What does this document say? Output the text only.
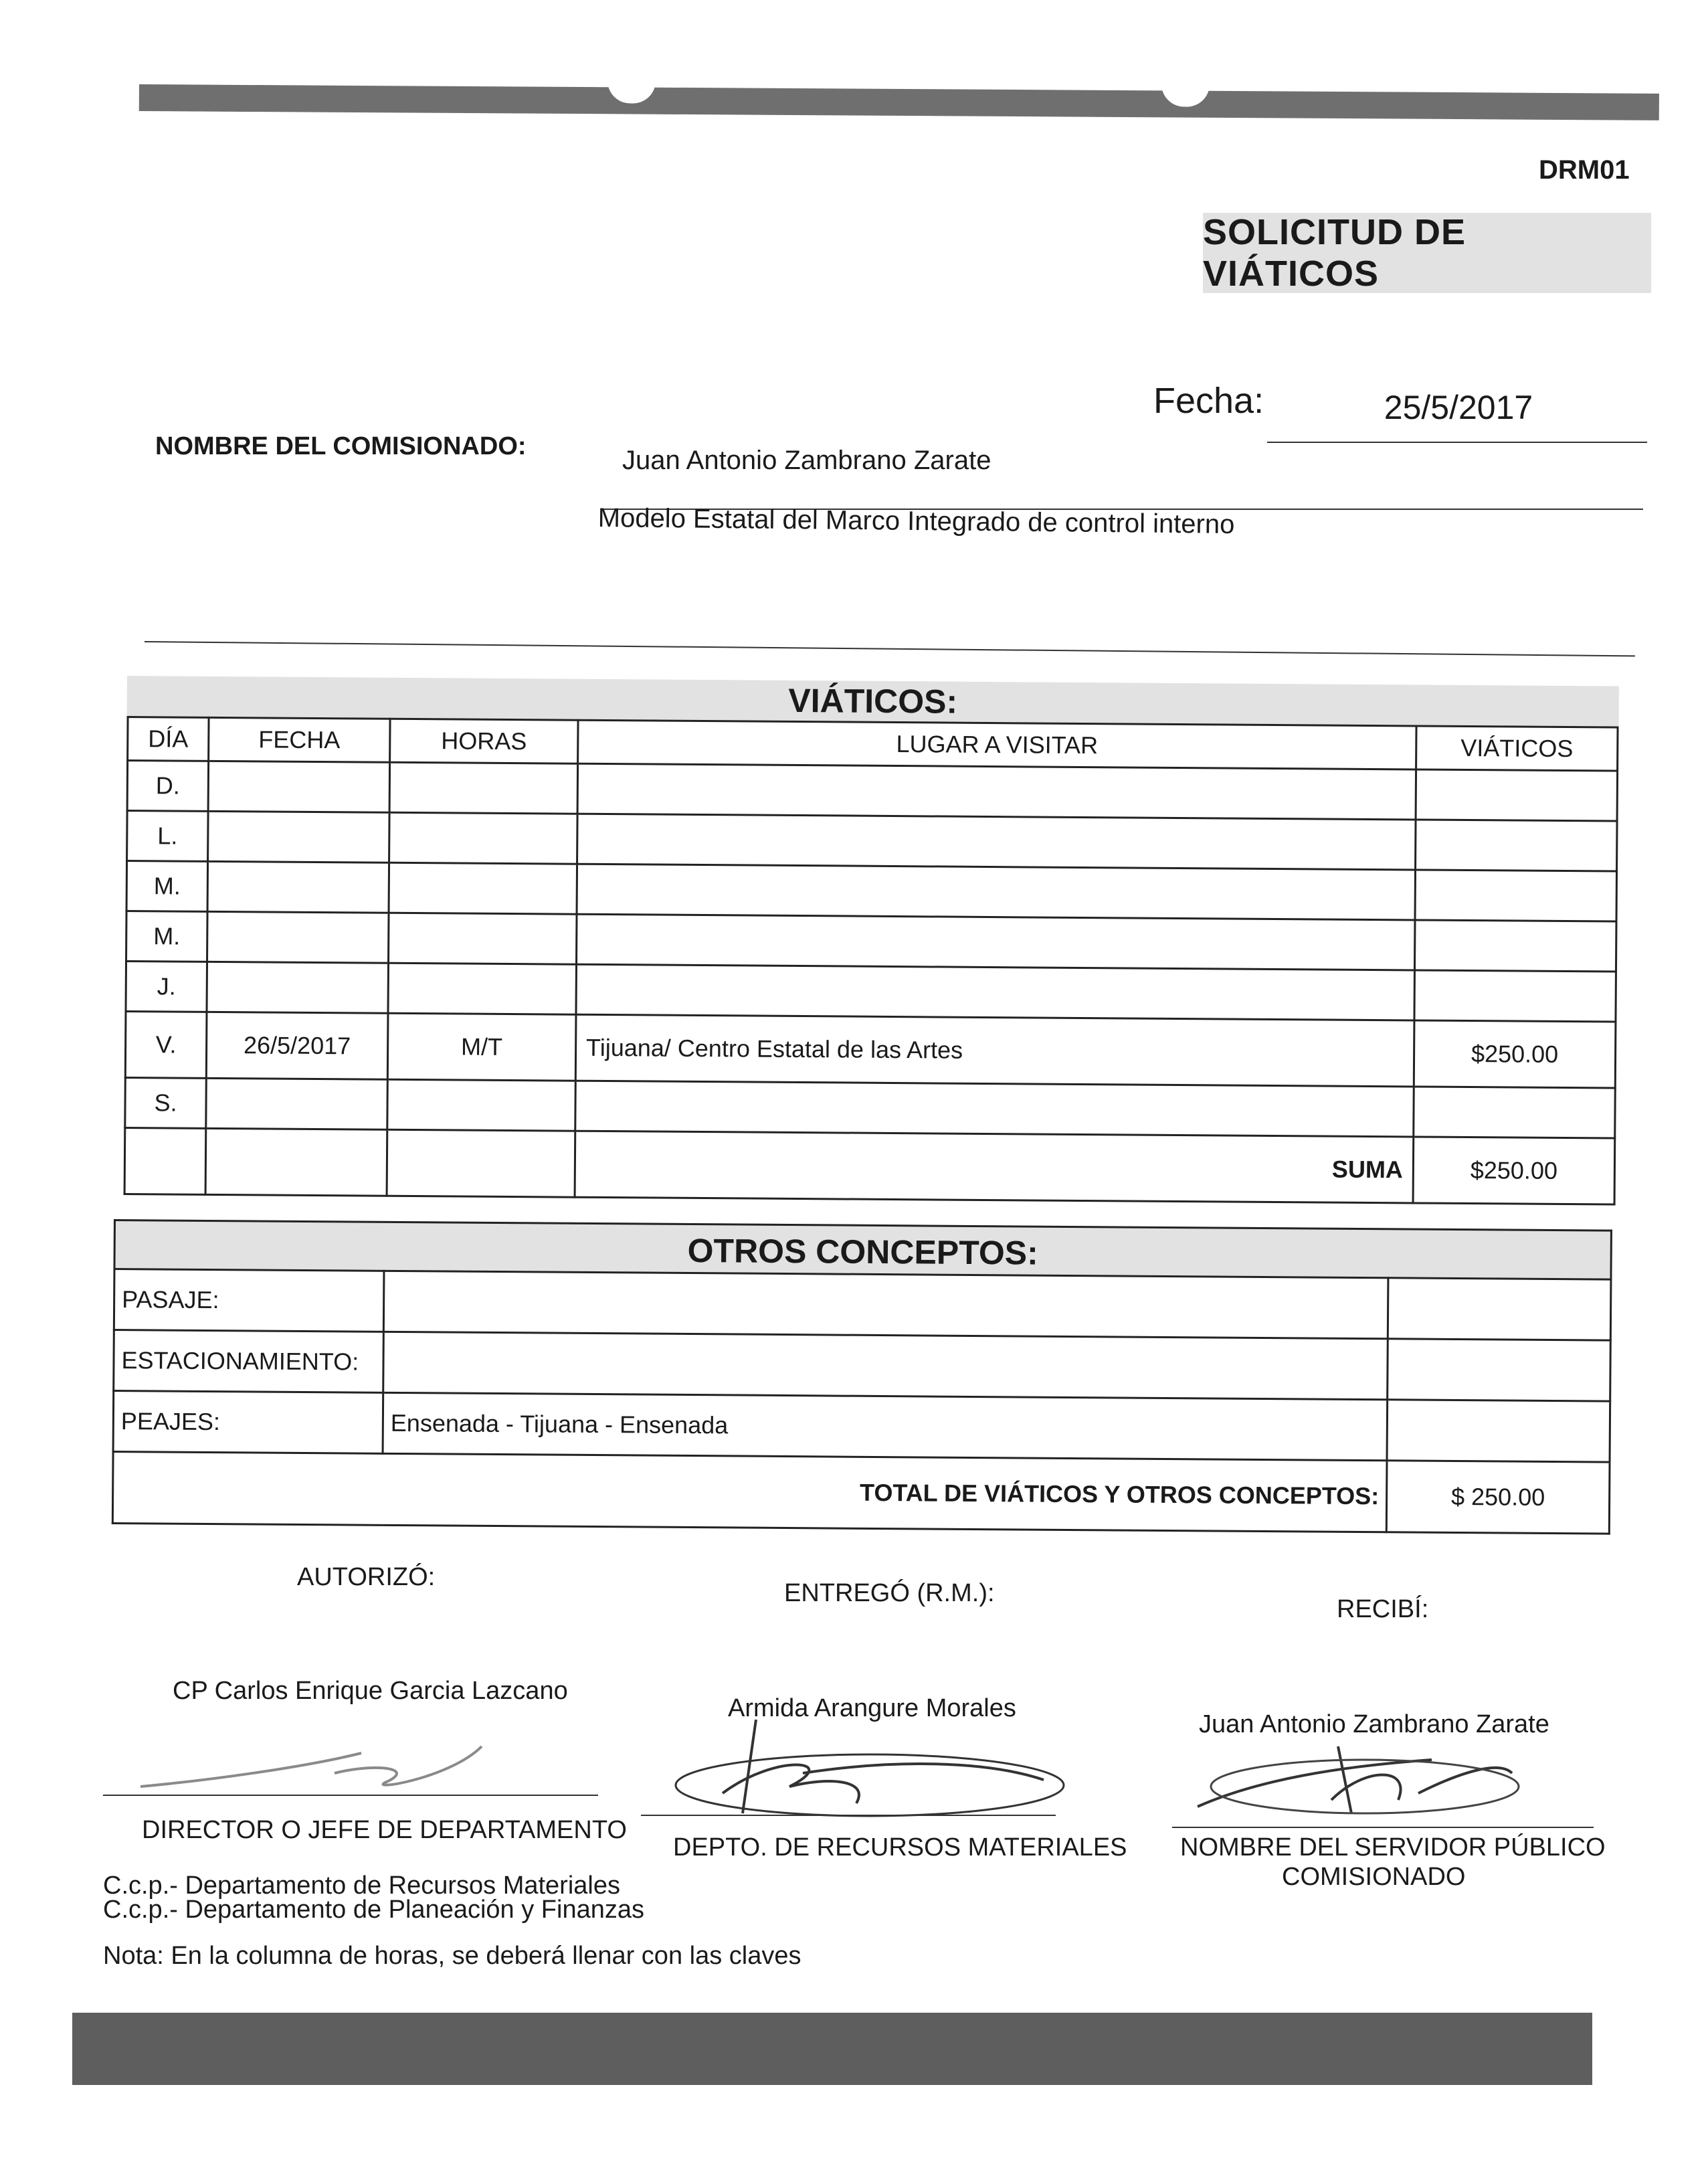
DRM01
SOLICITUD DE VIÁTICOS
Fecha:	25/5/2017
NOMBRE DEL COMISIONADO:	Juan Antonio Zambrano Zarate
Modelo Estatal del Marco Integrado de control interno
VIÁTICOS:
DÍA	FECHA	HORAS	LUGAR A VISITAR	VIÁTICOS
D.				
L.				
M.				
M.				
J.				
V.	26/5/2017	M/T	Tijuana/ Centro Estatal de las Artes	$250.00
S.				
			SUMA	$250.00
OTROS CONCEPTOS:
PASAJE:		
ESTACIONAMIENTO:		
PEAJES:	Ensenada - Tijuana - Ensenada	
TOTAL DE VIÁTICOS Y OTROS CONCEPTOS:		$ 250.00
AUTORIZÓ:
ENTREGÓ (R.M.):
RECIBÍ:
CP Carlos Enrique Garcia Lazcano
Armida Arangure Morales
Juan Antonio Zambrano Zarate
DIRECTOR O JEFE DE DEPARTAMENTO
DEPTO. DE RECURSOS MATERIALES NOMBRE DEL SERVIDOR PÚBLICO
COMISIONADO
C.c.p.- Departamento de Recursos Materiales
C.c.p.- Departamento de Planeación y Finanzas
Nota: En la columna de horas, se deberá llenar con las claves
